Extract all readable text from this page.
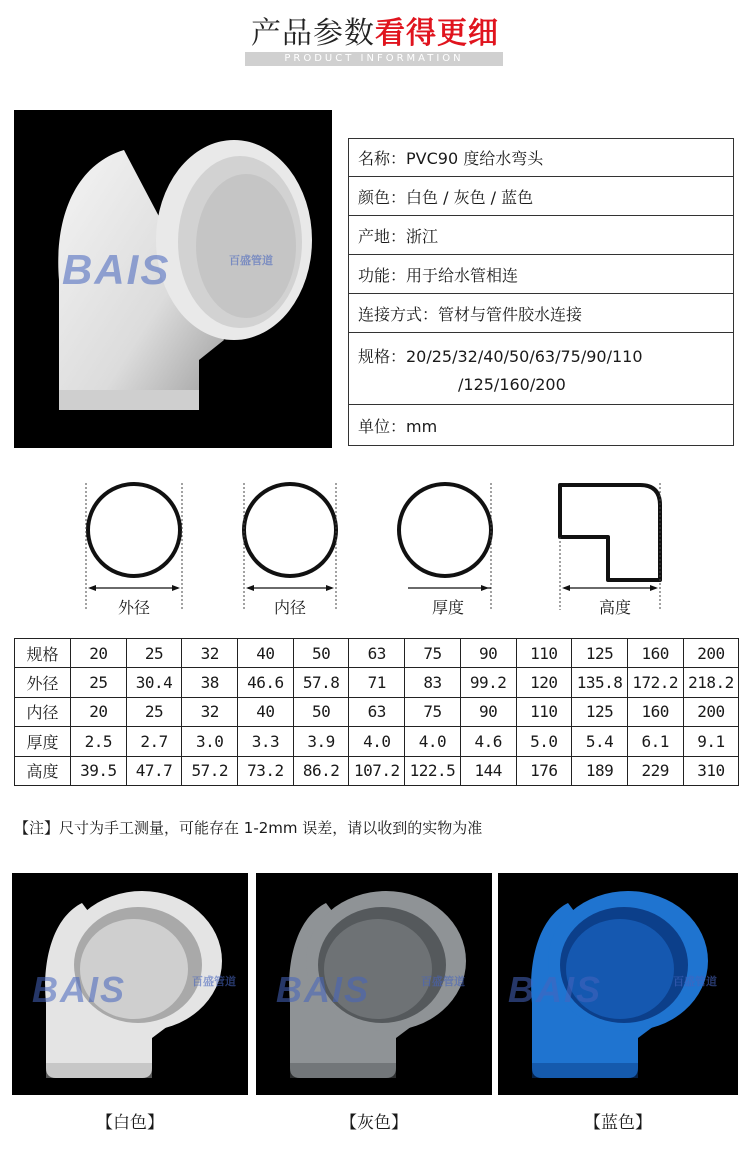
产品参数看得更细
PRODUCT INFORMATION
BAIS	百盛管道
名称：PVC90 度给水弯头
颜色：白色 / 灰色 / 蓝色
产地：浙江
功能：用于给水管相连
连接方式：管材与管件胶水连接
规格：20/25/32/40/50/63/75/90/110
/125/160/200
单位：mm
外径	内径	厚度	高度
规格	20	25	32	40	50	63	75	90	110	125	160	200
外径	25	30.4	38	46.6	57.8	71	83	99.2	120	135.8	172.2	218.2
内径	20	25	32	40	50	63	75	90	110	125	160	200
厚度	2.5	2.7	3.0	3.3	3.9	4.0	4.0	4.6	5.0	5.4	6.1	9.1
高度	39.5	47.7	57.2	73.2	86.2	107.2	122.5	144	176	189	229	310
【注】尺寸为手工测量，可能存在 1-2mm 误差，请以收到的实物为准
BAIS	百盛管道 BAIS	百盛管道 BAIS	百盛管道
【白色】	【灰色】	【蓝色】
